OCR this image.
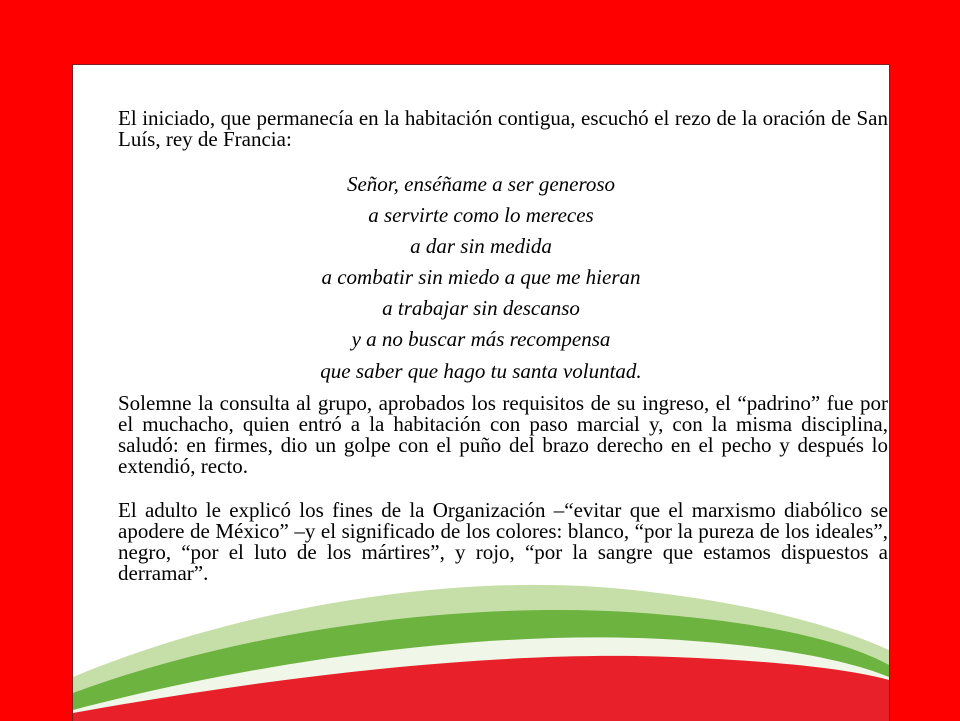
El iniciado, que permanecía en la habitación contigua, escuchó el rezo de la oración de San Luís, rey de Francia:

Señor, enséñame a ser generoso
a servirte como lo mereces
a dar sin medida
a combatir sin miedo a que me hieran
a trabajar sin descanso
y a no buscar más recompensa
que saber que hago tu santa voluntad.

Solemne la consulta al grupo, aprobados los requisitos de su ingreso, el “padrino” fue por el muchacho, quien entró a la habitación con paso marcial y, con la misma disciplina, saludó: en firmes, dio un golpe con el puño del brazo derecho en el pecho y después lo extendió, recto.

El adulto le explicó los fines de la Organización –“evitar que el marxismo diabólico se apodere de México” –y el significado de los colores: blanco, “por la pureza de los ideales”, negro, “por el luto de los mártires”, y rojo, “por la sangre que estamos dispuestos a derramar”.
